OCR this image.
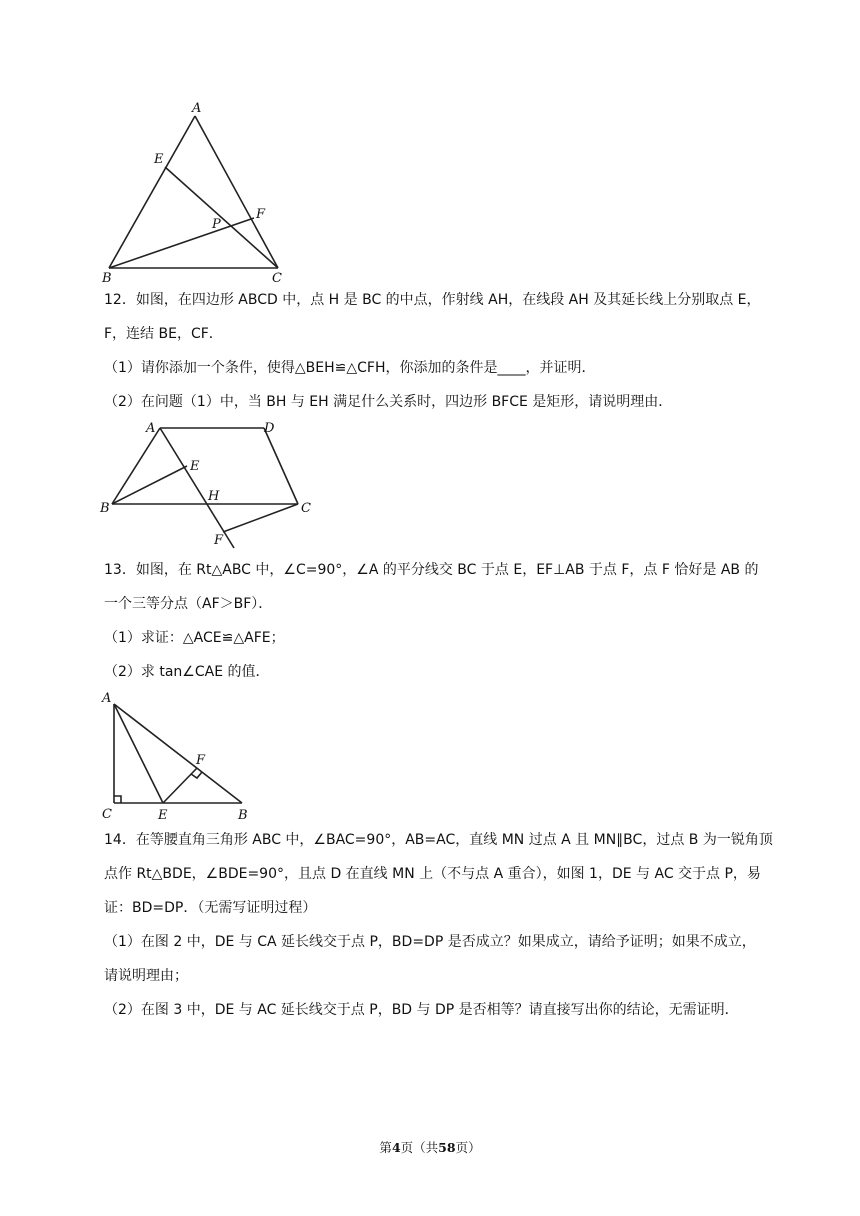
A
E
F
P
B	C
12．如图，在四边形 ABCD 中，点 H 是 BC 的中点，作射线 AH，在线段 AH 及其延长线上分别取点 E，
F，连结 BE，CF．
（1）请你添加一个条件，使得△BEH≌△CFH，你添加的条件是____，并证明．
（2）在问题（1）中，当 BH 与 EH 满足什么关系时，四边形 BFCE 是矩形，请说明理由．
A	D
E
H
B	C
F
13．如图，在 Rt△ABC 中，∠C=90°，∠A 的平分线交 BC 于点 E，EF⊥AB 于点 F，点 F 恰好是 AB 的
一个三等分点（AF＞BF）．
（1）求证：△ACE≌△AFE；
（2）求 tan∠CAE 的值．
A
F
C	E	B
14．在等腰直角三角形 ABC 中，∠BAC=90°，AB=AC，直线 MN 过点 A 且 MN∥BC，过点 B 为一锐角顶
点作 Rt△BDE，∠BDE=90°，且点 D 在直线 MN 上（不与点 A 重合），如图 1，DE 与 AC 交于点 P，易
证：BD=DP．（无需写证明过程）
（1）在图 2 中，DE 与 CA 延长线交于点 P，BD=DP 是否成立？如果成立，请给予证明；如果不成立，
请说明理由；
（2）在图 3 中，DE 与 AC 延长线交于点 P，BD 与 DP 是否相等？请直接写出你的结论，无需证明．
第4页（共58页）
